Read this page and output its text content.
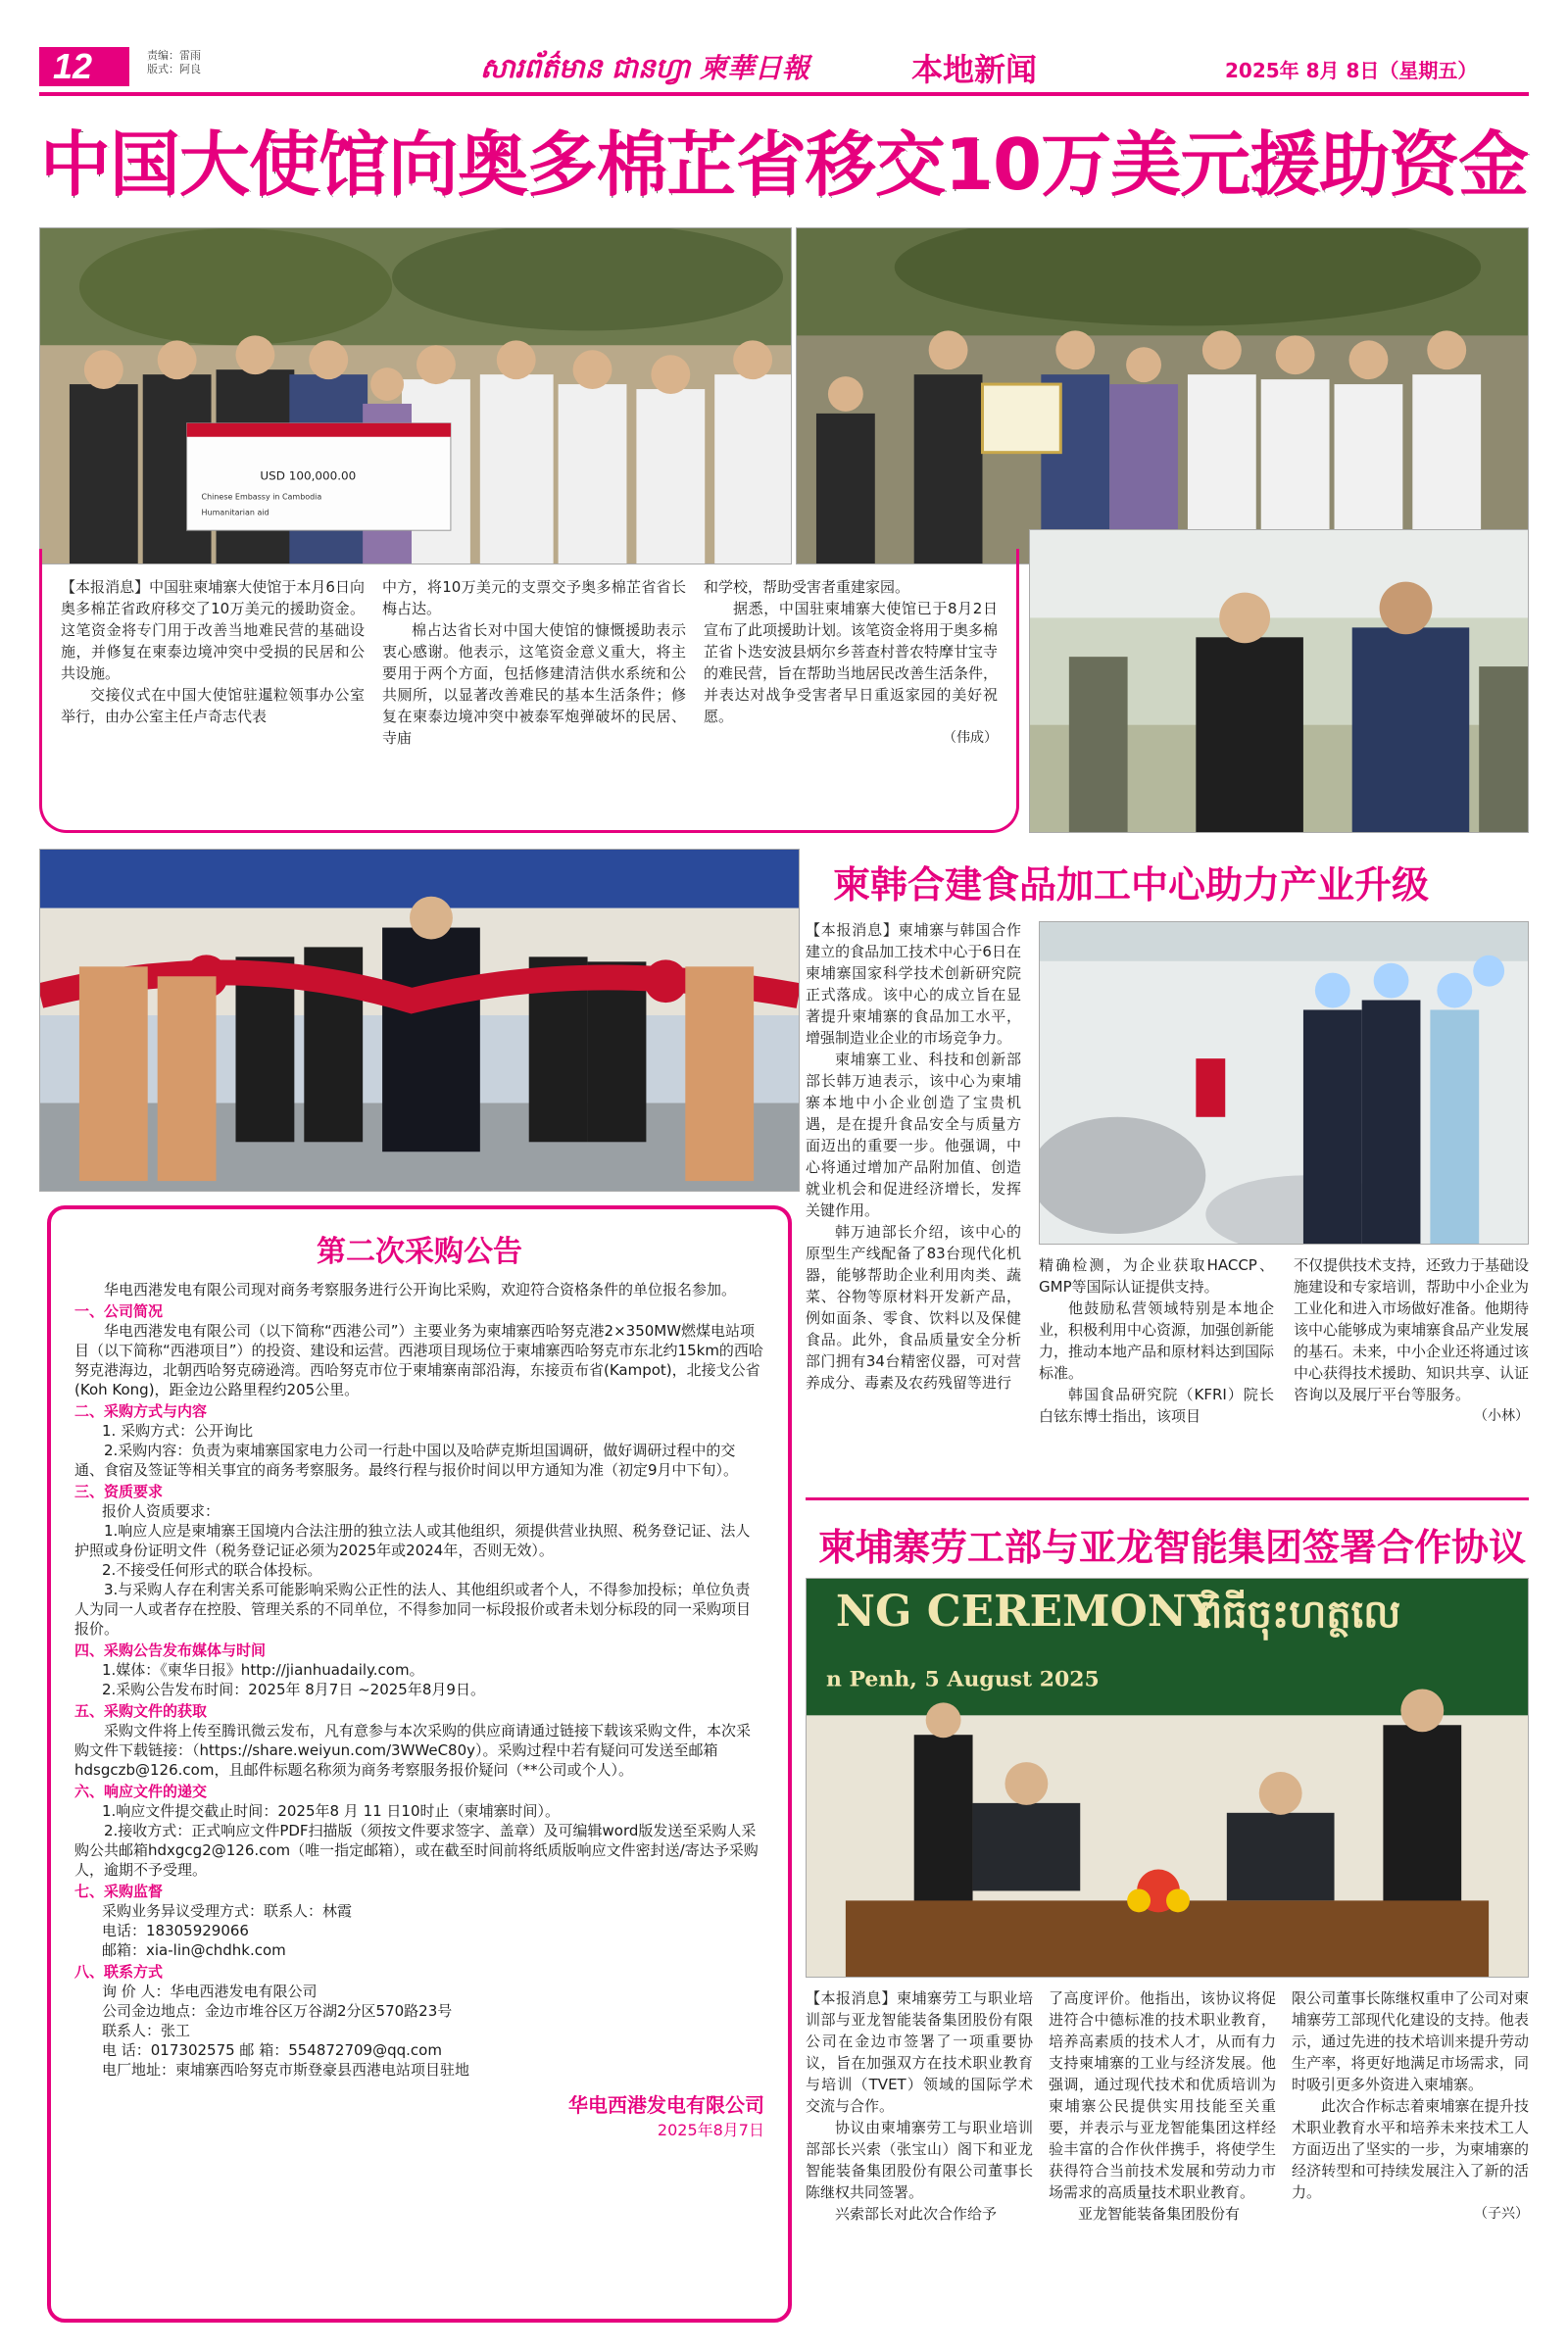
12	责编：雷雨
版式：阿良	សារព័ត៌មាន ជានហ្វា 柬華日報	本地新闻	2025年 8月 8日（星期五）
中国大使馆向奥多棉芷省移交10万美元援助资金
USD 100,000.00
Chinese Embassy in Cambodia
Humanitarian aid

【本报消息】中国驻柬埔寨大使馆于本月6日向奥多棉芷省政府移交了10万美元的援助资金。这笔资金将专门用于改善当地难民营的基础设施，并修复在柬泰边境冲突中受损的民居和公共设施。

交接仪式在中国大使馆驻暹粒领事办公室举行，由办公室主任卢奇志代表

中方，将10万美元的支票交予奥多棉芷省省长梅占达。

棉占达省长对中国大使馆的慷慨援助表示衷心感谢。他表示，这笔资金意义重大，将主要用于两个方面，包括修建清洁供水系统和公共厕所，以显著改善难民的基本生活条件；修复在柬泰边境冲突中被泰军炮弹破坏的民居、寺庙

和学校，帮助受害者重建家园。

据悉，中国驻柬埔寨大使馆已于8月2日宣布了此项援助计划。该笔资金将用于奥多棉芷省卜迭安波县炳尔乡菩查村普农特摩甘宝寺的难民营，旨在帮助当地居民改善生活条件，并表达对战争受害者早日重返家园的美好祝愿。

（伟成）

柬韩合建食品加工中心助力产业升级

【本报消息】柬埔寨与韩国合作建立的食品加工技术中心于6日在柬埔寨国家科学技术创新研究院正式落成。该中心的成立旨在显著提升柬埔寨的食品加工水平，增强制造业企业的市场竞争力。

柬埔寨工业、科技和创新部部长韩万迪表示，该中心为柬埔寨本地中小企业创造了宝贵机遇，是在提升食品安全与质量方面迈出的重要一步。他强调，中心将通过增加产品附加值、创造就业机会和促进经济增长，发挥关键作用。

韩万迪部长介绍，该中心的原型生产线配备了83台现代化机器，能够帮助企业利用肉类、蔬菜、谷物等原材料开发新产品，例如面条、零食、饮料以及保健食品。此外，食品质量安全分析部门拥有34台精密仪器，可对营养成分、毒素及农药残留等进行

精确检测，为企业获取HACCP、GMP等国际认证提供支持。

他鼓励私营领域特别是本地企业，积极利用中心资源，加强创新能力，推动本地产品和原材料达到国际标准。

韩国食品研究院（KFRI）院长白铉东博士指出，该项目

不仅提供技术支持，还致力于基础设施建设和专家培训，帮助中小企业为工业化和进入市场做好准备。他期待该中心能够成为柬埔寨食品产业发展的基石。未来，中小企业还将通过该中心获得技术援助、知识共享、认证咨询以及展厅平台等服务。

（小林）

柬埔寨劳工部与亚龙智能集团签署合作协议
NG CEREMONY
n Penh, 5 August 2025
ពិធីចុះហត្ថលេ

【本报消息】柬埔寨劳工与职业培训部与亚龙智能装备集团股份有限公司在金边市签署了一项重要协议，旨在加强双方在技术职业教育与培训（TVET）领域的国际学术交流与合作。

协议由柬埔寨劳工与职业培训部部长兴索（张宝山）阁下和亚龙智能装备集团股份有限公司董事长陈继权共同签署。

兴索部长对此次合作给予

了高度评价。他指出，该协议将促进符合中德标准的技术职业教育，培养高素质的技术人才，从而有力支持柬埔寨的工业与经济发展。他强调，通过现代技术和优质培训为柬埔寨公民提供实用技能至关重要，并表示与亚龙智能集团这样经验丰富的合作伙伴携手，将使学生获得符合当前技术发展和劳动力市场需求的高质量技术职业教育。

亚龙智能装备集团股份有

限公司董事长陈继权重申了公司对柬埔寨劳工部现代化建设的支持。他表示，通过先进的技术培训来提升劳动生产率，将更好地满足市场需求，同时吸引更多外资进入柬埔寨。

此次合作标志着柬埔寨在提升技术职业教育水平和培养未来技术工人方面迈出了坚实的一步，为柬埔寨的经济转型和可持续发展注入了新的活力。

（子兴）

第二次采购公告

华电西港发电有限公司现对商务考察服务进行公开询比采购，欢迎符合资格条件的单位报名参加。

一、公司简况

华电西港发电有限公司（以下简称“西港公司”）主要业务为柬埔寨西哈努克港2×350MW燃煤电站项目（以下简称“西港项目”）的投资、建设和运营。西港项目现场位于柬埔寨西哈努克市东北约15km的西哈努克港海边，北朝西哈努克磅逊湾。西哈努克市位于柬埔寨南部沿海，东接贡布省(Kampot)，北接戈公省(Koh Kong)，距金边公路里程约205公里。

二、采购方式与内容

1. 采购方式：公开询比

2.采购内容：负责为柬埔寨国家电力公司一行赴中国以及哈萨克斯坦国调研，做好调研过程中的交通、食宿及签证等相关事宜的商务考察服务。最终行程与报价时间以甲方通知为准（初定9月中下旬）。

三、资质要求

报价人资质要求：

1.响应人应是柬埔寨王国境内合法注册的独立法人或其他组织，须提供营业执照、税务登记证、法人护照或身份证明文件（税务登记证必须为2025年或2024年，否则无效）。

2.不接受任何形式的联合体投标。

3.与采购人存在利害关系可能影响采购公正性的法人、其他组织或者个人，不得参加投标；单位负责人为同一人或者存在控股、管理关系的不同单位，不得参加同一标段报价或者未划分标段的同一采购项目报价。

四、采购公告发布媒体与时间

1.媒体：《柬华日报》http://jianhuadaily.com。

2.采购公告发布时间：2025年 8月7日 ~2025年8月9日。

五、采购文件的获取

采购文件将上传至腾讯微云发布，凡有意参与本次采购的供应商请通过链接下载该采购文件，本次采购文件下载链接：（https://share.weiyun.com/3WWeC80y）。采购过程中若有疑问可发送至邮箱hdsgczb@126.com，且邮件标题名称须为商务考察服务报价疑问（**公司或个人）。

六、响应文件的递交

1.响应文件提交截止时间：2025年8 月 11 日10时止（柬埔寨时间）。

2.接收方式：正式响应文件PDF扫描版（须按文件要求签字、盖章）及可编辑word版发送至采购人采购公共邮箱hdxgcg2@126.com（唯一指定邮箱），或在截至时间前将纸质版响应文件密封送/寄达予采购人，逾期不予受理。

七、采购监督

采购业务异议受理方式：联系人：林霞

电话：18305929066

邮箱：xia-lin@chdhk.com

八、联系方式

询 价 人：华电西港发电有限公司

公司金边地点：金边市堆谷区万谷湖2分区570路23号

联系人：张工

电 话：017302575 邮 箱：554872709@qq.com

电厂地址：柬埔寨西哈努克市斯登豪县西港电站项目驻地

华电西港发电有限公司

2025年8月7日
